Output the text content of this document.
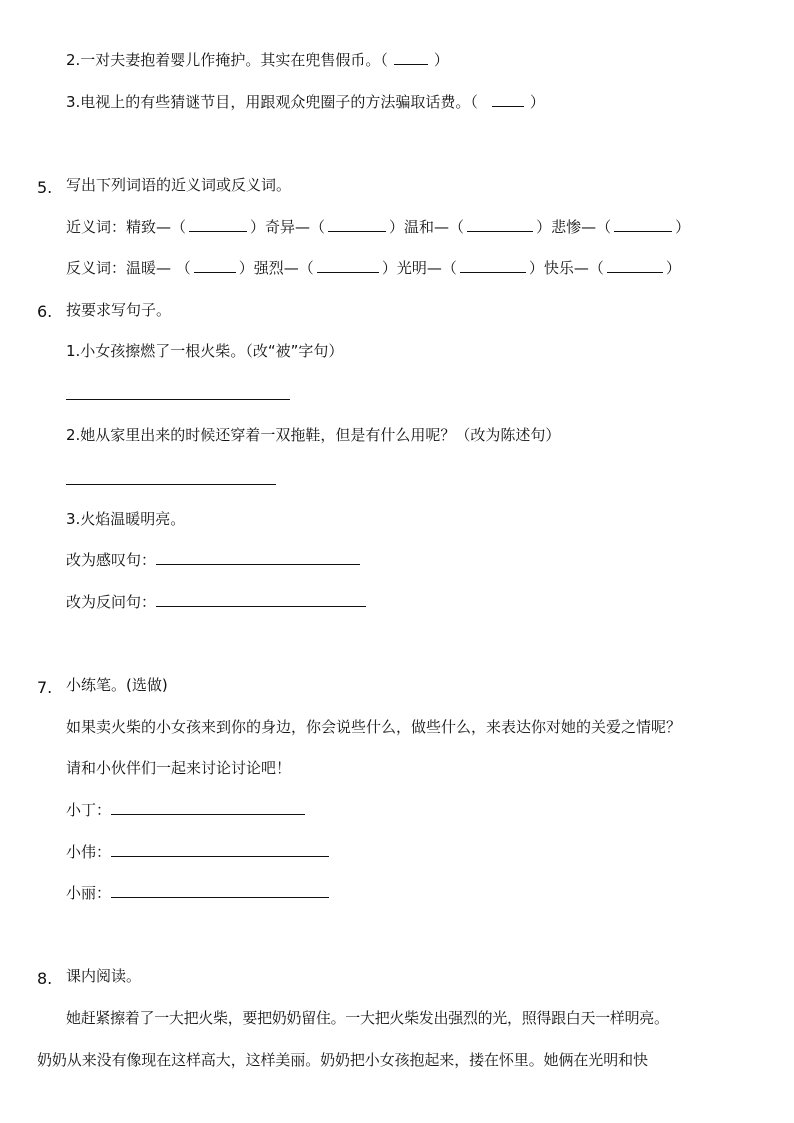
2.一对夫妻抱着婴儿作掩护。其实在兜售假币。（	）
3.电视上的有些猜谜节目，用跟观众兜圈子的方法骗取话费。（	）
5. 写出下列词语的近义词或反义词。
近义词：精致—（	）奇异—（	）温和—（	）悲惨—（	）
反义词：温暖— （	）强烈—（	）光明—（	）快乐—（	）
6. 按要求写句子。
1.小女孩擦燃了一根火柴。（改“被”字句）
2.她从家里出来的时候还穿着一双拖鞋，但是有什么用呢？（改为陈述句）
3.火焰温暖明亮。
改为感叹句：
改为反问句：
7. 小练笔。(选做)
如果卖火柴的小女孩来到你的身边，你会说些什么，做些什么，来表达你对她的关爱之情呢？
请和小伙伴们一起来讨论讨论吧！
小丁：
小伟：
小丽：
8. 课内阅读。
她赶紧擦着了一大把火柴，要把奶奶留住。一大把火柴发出强烈的光，照得跟白天一样明亮。
奶奶从来没有像现在这样高大，这样美丽。奶奶把小女孩抱起来，搂在怀里。她俩在光明和快
